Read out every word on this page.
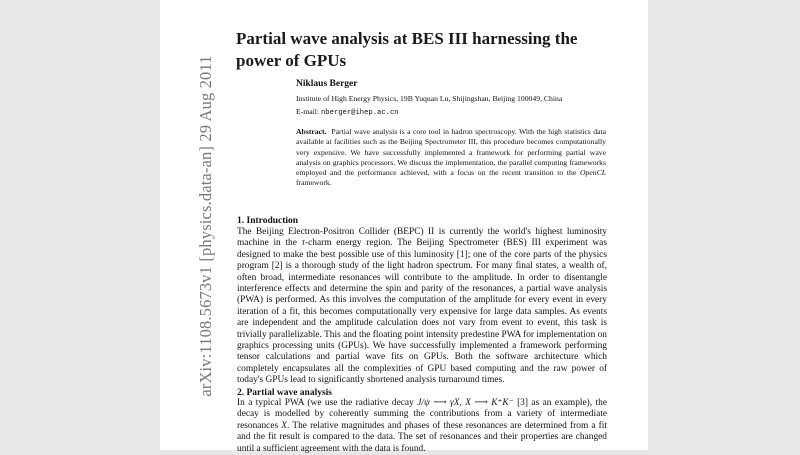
arXiv:1108.5673v1 [physics.data-an] 29 Aug 2011
Partial wave analysis at BES III harnessing the power of GPUs
Niklaus Berger
Institute of High Energy Physics, 19B Yuquan Lu, Shijingshan, Beijing 100049, China
E-mail: nberger@ihep.ac.cn
Abstract. Partial wave analysis is a core tool in hadron spectroscopy. With the high statistics data available at facilities such as the Beijing Spectrometer III, this procedure becomes computationally very expensive. We have successfully implemented a framework for performing partial wave analysis on graphics processors. We discuss the implementation, the parallel computing frameworks employed and the performance achieved, with a focus on the recent transition to the OpenCL framework.
1. Introduction
The Beijing Electron-Positron Collider (BEPC) II is currently the world's highest luminosity machine in the τ-charm energy region. The Beijing Spectrometer (BES) III experiment was designed to make the best possible use of this luminosity [1]; one of the core parts of the physics program [2] is a thorough study of the light hadron spectrum. For many final states, a wealth of, often broad, intermediate resonances will contribute to the amplitude. In order to disentangle interference effects and determine the spin and parity of the resonances, a partial wave analysis (PWA) is performed. As this involves the computation of the amplitude for every event in every iteration of a fit, this becomes computationally very expensive for large data samples. As events are independent and the amplitude calculation does not vary from event to event, this task is trivially parallelizable. This and the floating point intensity predestine PWA for implementation on graphics processing units (GPUs). We have successfully implemented a framework performing tensor calculations and partial wave fits on GPUs. Both the software architecture which completely encapsulates all the complexities of GPU based computing and the raw power of today's GPUs lead to significantly shortened analysis turnaround times.
2. Partial wave analysis
In a typical PWA (we use the radiative decay J/ψ ⟶ γX, X ⟶ K⁺K⁻ [3] as an example), the decay is modelled by coherently summing the contributions from a variety of intermediate resonances X. The relative magnitudes and phases of these resonances are determined from a fit and the fit result is compared to the data. The set of resonances and their properties are changed until a sufficient agreement with the data is found.
